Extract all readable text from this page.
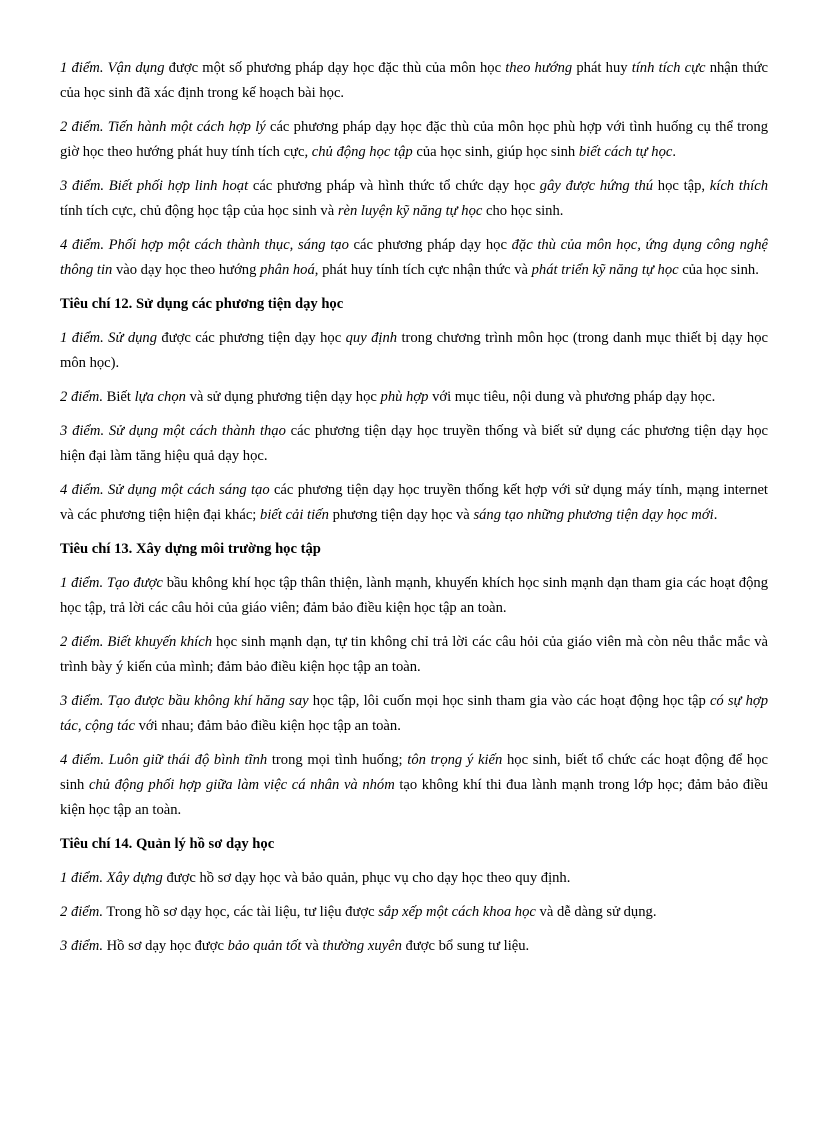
1 điểm. Vận dụng được một số phương pháp dạy học đặc thù của môn học theo hướng phát huy tính tích cực nhận thức của học sinh đã xác định trong kế hoạch bài học.

2 điểm. Tiến hành một cách hợp lý các phương pháp dạy học đặc thù của môn học phù hợp với tình huống cụ thể trong giờ học theo hướng phát huy tính tích cực, chủ động học tập của học sinh, giúp học sinh biết cách tự học.

3 điểm. Biết phối hợp linh hoạt các phương pháp và hình thức tổ chức dạy học gây được hứng thú học tập, kích thích tính tích cực, chủ động học tập của học sinh và rèn luyện kỹ năng tự học cho học sinh.

4 điểm. Phối hợp một cách thành thục, sáng tạo các phương pháp dạy học đặc thù của môn học, ứng dụng công nghệ thông tin vào dạy học theo hướng phân hoá, phát huy tính tích cực nhận thức và phát triển kỹ năng tự học của học sinh.

Tiêu chí 12. Sử dụng các phương tiện dạy học

1 điểm. Sử dụng được các phương tiện dạy học quy định trong chương trình môn học (trong danh mục thiết bị dạy học môn học).

2 điểm. Biết lựa chọn và sử dụng phương tiện dạy học phù hợp với mục tiêu, nội dung và phương pháp dạy học.

3 điểm. Sử dụng một cách thành thạo các phương tiện dạy học truyền thống và biết sử dụng các phương tiện dạy học hiện đại làm tăng hiệu quả dạy học.

4 điểm. Sử dụng một cách sáng tạo các phương tiện dạy học truyền thống kết hợp với sử dụng máy tính, mạng internet và các phương tiện hiện đại khác; biết cải tiến phương tiện dạy học và sáng tạo những phương tiện dạy học mới.

Tiêu chí 13. Xây dựng môi trường học tập

1 điểm. Tạo được bầu không khí học tập thân thiện, lành mạnh, khuyến khích học sinh mạnh dạn tham gia các hoạt động học tập, trả lời các câu hỏi của giáo viên; đảm bảo điều kiện học tập an toàn.

2 điểm. Biết khuyến khích học sinh mạnh dạn, tự tin không chỉ trả lời các câu hỏi của giáo viên mà còn nêu thắc mắc và trình bày ý kiến của mình; đảm bảo điều kiện học tập an toàn.

3 điểm. Tạo được bầu không khí hăng say học tập, lôi cuốn mọi học sinh tham gia vào các hoạt động học tập có sự hợp tác, cộng tác với nhau; đảm bảo điều kiện học tập an toàn.

4 điểm. Luôn giữ thái độ bình tĩnh trong mọi tình huống; tôn trọng ý kiến học sinh, biết tổ chức các hoạt động để học sinh chủ động phối hợp giữa làm việc cá nhân và nhóm tạo không khí thi đua lành mạnh trong lớp học; đảm bảo điều kiện học tập an toàn.

Tiêu chí 14. Quản lý hồ sơ dạy học

1 điểm. Xây dựng được hồ sơ dạy học và bảo quản, phục vụ cho dạy học theo quy định.

2 điểm. Trong hồ sơ dạy học, các tài liệu, tư liệu được sắp xếp một cách khoa học và dễ dàng sử dụng.

3 điểm. Hồ sơ dạy học được bảo quản tốt và thường xuyên được bổ sung tư liệu.
